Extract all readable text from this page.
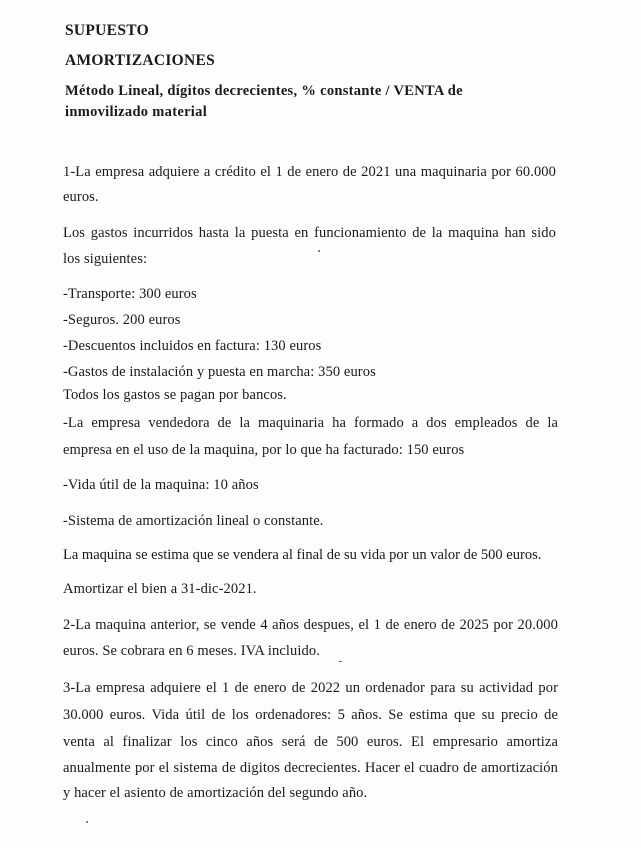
SUPUESTO
AMORTIZACIONES
Método Lineal, dígitos decrecientes, % constante / VENTA de
inmovilizado material
1-La empresa adquiere a crédito el 1 de enero de 2021 una maquinaria por 60.000
euros.
Los gastos incurridos hasta la puesta en funcionamiento de la maquina han sido
los siguientes:
-Transporte: 300 euros
-Seguros. 200 euros
-Descuentos incluidos en factura: 130 euros
-Gastos de instalación y puesta en marcha: 350 euros
Todos los gastos se pagan por bancos.
-La empresa vendedora de la maquinaria ha formado a dos empleados de la
empresa en el uso de la maquina, por lo que ha facturado: 150 euros
-Vida útil de la maquina: 10 años
-Sistema de amortización lineal o constante.
La maquina se estima que se vendera al final de su vida por un valor de 500 euros.
Amortizar el bien a 31-dic-2021.
2-La maquina anterior, se vende 4 años despues, el 1 de enero de 2025 por 20.000
euros. Se cobrara en 6 meses. IVA incluido.
3-La empresa adquiere el 1 de enero de 2022 un ordenador para su actividad por
30.000 euros. Vida útil de los ordenadores: 5 años. Se estima que su precio de
venta al finalizar los cinco años será de 500 euros. El empresario amortiza
anualmente por el sistema de digitos decrecientes. Hacer el cuadro de amortización
y hacer el asiento de amortización del segundo año.
